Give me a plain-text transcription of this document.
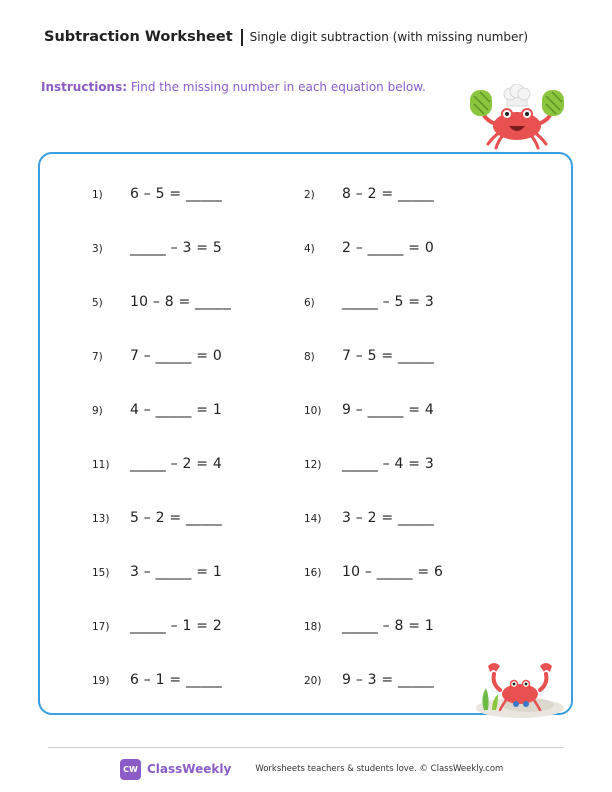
Subtraction Worksheet Single digit subtraction (with missing number)
Instructions: Find the missing number in each equation below.
1)	6 – 5 = _____	2)	8 – 2 = _____
3)	_____ – 3 = 5	4)	2 – _____ = 0
5)	10 – 8 = _____	6)	_____ – 5 = 3
7)	7 – _____ = 0	8)	7 – 5 = _____
9)	4 – _____ = 1	10)	9 – _____ = 4
11)	_____ – 2 = 4	12)	_____ – 4 = 3
13)	5 – 2 = _____	14)	3 – 2 = _____
15)	3 – _____ = 1	16)	10 – _____ = 6
17)	_____ – 1 = 2	18)	_____ – 8 = 1
19)	6 – 1 = _____	20)	9 – 3 = _____
CW ClassWeekly	Worksheets teachers & students love. © ClassWeekly.com
